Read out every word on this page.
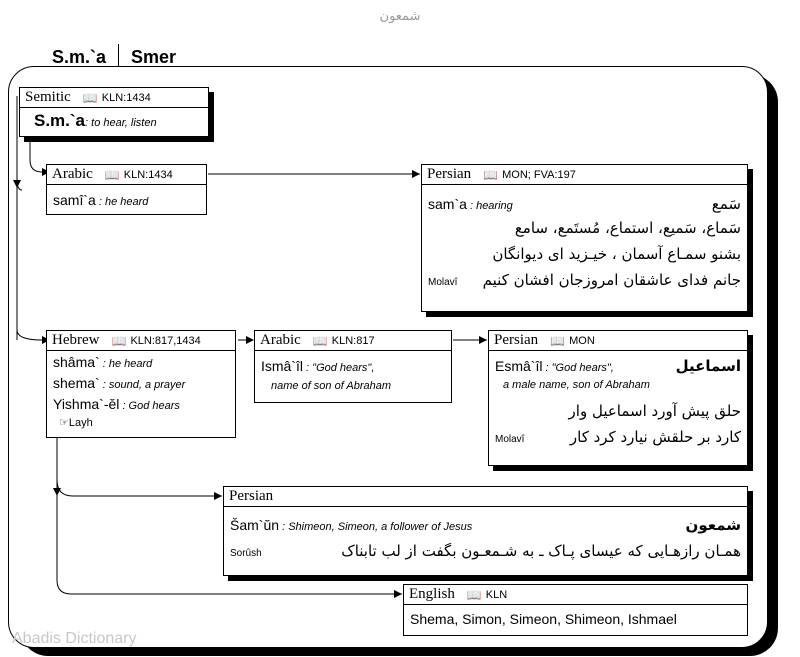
شمعون
S.m.`a Smer
Semitic 📖 KLN:1434
S.m.`a: to hear, listen
Arabic 📖 KLN:1434
samî`a : he heard
Persian 📖 MON; FVA:197
sam`a : hearing	سَمع
سَماع، سَمیع، استماع، مُستَمع، سامع
بشنو سمـاع آسمان ، خیـزید ای دیوانگان
Molavî جانم فدای عاشقان امروزجان افشان کنیم
Hebrew 📖 KLN:817,1434
shâma` : he heard
shema` : sound, a prayer
Yishma`-ĕl : God hears
☞Layh
Arabic 📖 KLN:817
Ismâ`îl : "God hears",
name of son of Abraham
Persian 📖 MON
Esmâ`îl : "God hears",	اسماعیل
a male name, son of Abraham
حلق پیش آورد اسماعیل وار
Molavî	کارد بر حلقش نیارد کرد کار
Persian
Šam`ŭn : Shimeon, Simeon, a follower of Jesus	شمعون
Sorûsh	همـان رازهـایی که عیسای پـاک ـ به شـمعـون بگفت از لب تابناک
English 📖 KLN
Shema, Simon, Simeon, Shimeon, Ishmael
Abadis Dictionary
